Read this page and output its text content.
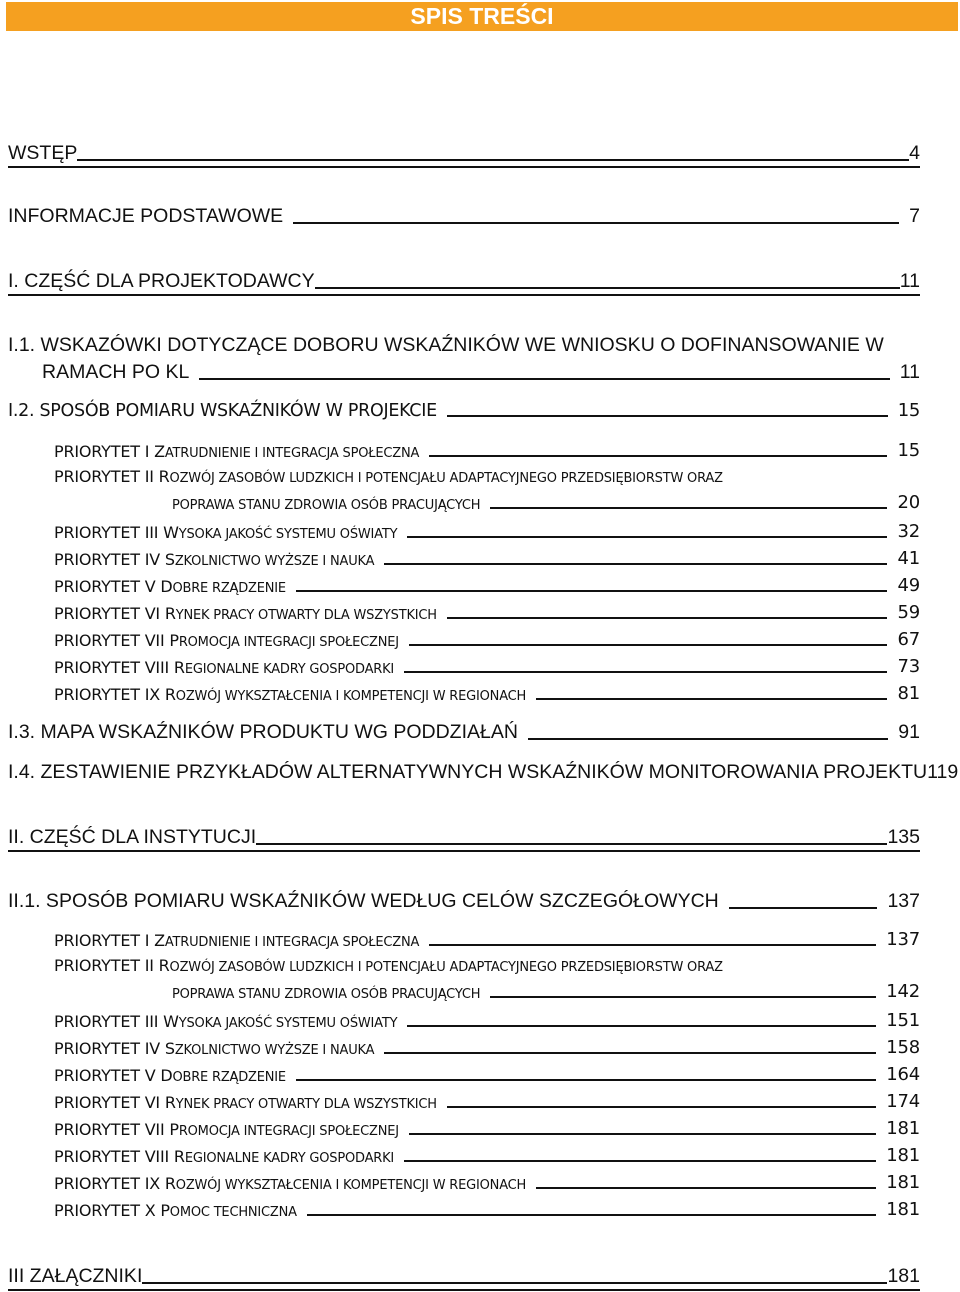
SPIS TREŚCI
WSTĘP	4
INFORMACJE PODSTAWOWE	7
I. CZĘŚĆ DLA PROJEKTODAWCY	11
I.1. WSKAZÓWKI DOTYCZĄCE DOBORU WSKAŹNIKÓW WE WNIOSKU O DOFINANSOWANIE W
RAMACH PO KL	11
I.2. SPOSÓB POMIARU WSKAŹNIKÓW W PROJEKCIE	15
PRIORYTET I ZATRUDNIENIE I INTEGRACJA SPOŁECZNA	15
PRIORYTET II ROZWÓJ ZASOBÓW LUDZKICH I POTENCJAŁU ADAPTACYJNEGO PRZEDSIĘBIORSTW ORAZ
POPRAWA STANU ZDROWIA OSÓB PRACUJĄCYCH	20
PRIORYTET III WYSOKA JAKOŚĆ SYSTEMU OŚWIATY	32
PRIORYTET IV SZKOLNICTWO WYŻSZE I NAUKA	41
PRIORYTET V DOBRE RZĄDZENIE	49
PRIORYTET VI RYNEK PRACY OTWARTY DLA WSZYSTKICH	59
PRIORYTET VII PROMOCJA INTEGRACJI SPOŁECZNEJ	67
PRIORYTET VIII REGIONALNE KADRY GOSPODARKI	73
PRIORYTET IX ROZWÓJ WYKSZTAŁCENIA I KOMPETENCJI W REGIONACH	81
I.3. MAPA WSKAŹNIKÓW PRODUKTU WG PODDZIAŁAŃ	91
I.4. ZESTAWIENIE PRZYKŁADÓW ALTERNATYWNYCH WSKAŹNIKÓW MONITOROWANIA PROJEKTU 119
II. CZĘŚĆ DLA INSTYTUCJI	135
II.1. SPOSÓB POMIARU WSKAŹNIKÓW WEDŁUG CELÓW SZCZEGÓŁOWYCH	137
PRIORYTET I ZATRUDNIENIE I INTEGRACJA SPOŁECZNA	137
PRIORYTET II ROZWÓJ ZASOBÓW LUDZKICH I POTENCJAŁU ADAPTACYJNEGO PRZEDSIĘBIORSTW ORAZ
POPRAWA STANU ZDROWIA OSÓB PRACUJĄCYCH	142
PRIORYTET III WYSOKA JAKOŚĆ SYSTEMU OŚWIATY	151
PRIORYTET IV SZKOLNICTWO WYŻSZE I NAUKA	158
PRIORYTET V DOBRE RZĄDZENIE	164
PRIORYTET VI RYNEK PRACY OTWARTY DLA WSZYSTKICH	174
PRIORYTET VII PROMOCJA INTEGRACJI SPOŁECZNEJ	181
PRIORYTET VIII REGIONALNE KADRY GOSPODARKI	181
PRIORYTET IX ROZWÓJ WYKSZTAŁCENIA I KOMPETENCJI W REGIONACH	181
PRIORYTET X POMOC TECHNICZNA	181
III ZAŁĄCZNIKI	181
